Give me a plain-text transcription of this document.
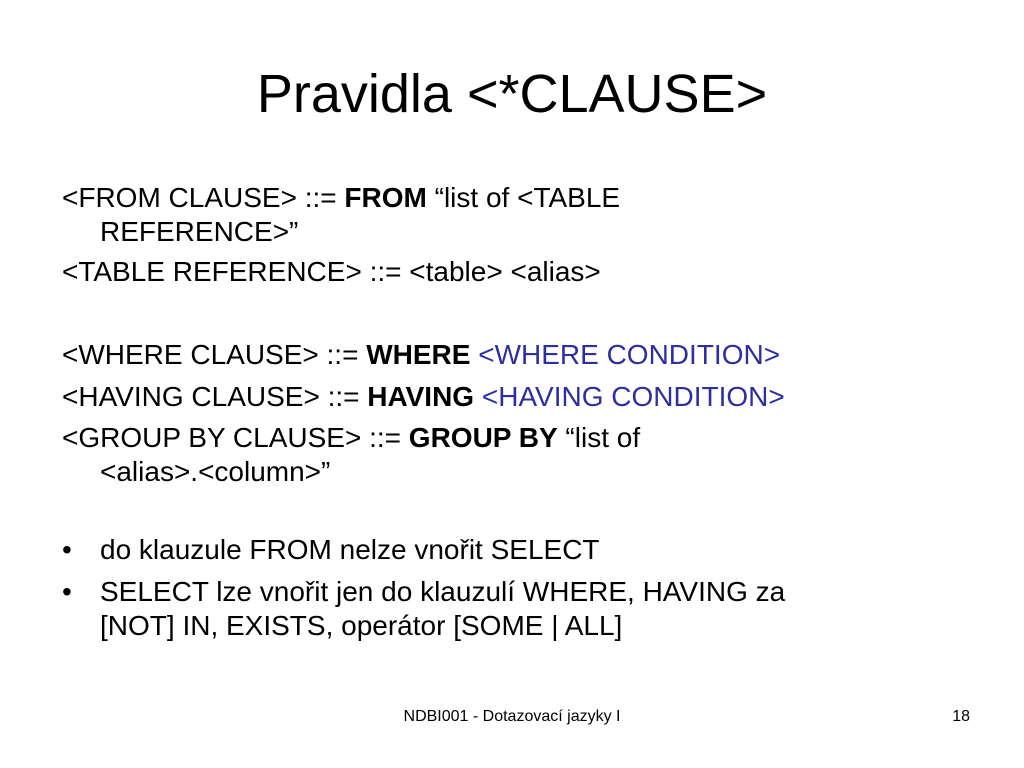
Pravidla <*CLAUSE>
<FROM CLAUSE> ::= FROM “list of <TABLE
REFERENCE>”
<TABLE REFERENCE> ::= <table> <alias>
<WHERE CLAUSE> ::= WHERE <WHERE CONDITION>
<HAVING CLAUSE> ::= HAVING <HAVING CONDITION>
<GROUP BY CLAUSE> ::= GROUP BY “list of
<alias>.<column>”
•	do klauzule FROM nelze vnořit SELECT
•	SELECT lze vnořit jen do klauzulí WHERE, HAVING za
[NOT] IN, EXISTS, operátor [SOME | ALL]
NDBI001 - Dotazovací jazyky I	18
